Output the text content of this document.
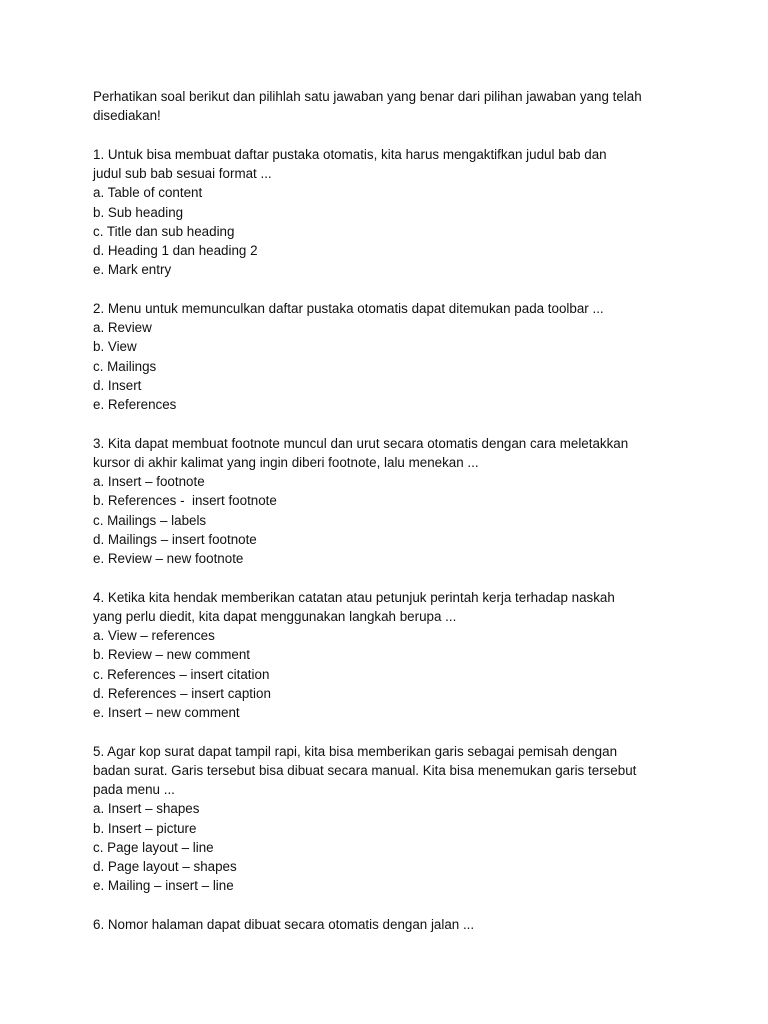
Perhatikan soal berikut dan pilihlah satu jawaban yang benar dari pilihan jawaban yang telah
disediakan!
1. Untuk bisa membuat daftar pustaka otomatis, kita harus mengaktifkan judul bab dan
judul sub bab sesuai format ...
a. Table of content
b. Sub heading
c. Title dan sub heading
d. Heading 1 dan heading 2
e. Mark entry
2. Menu untuk memunculkan daftar pustaka otomatis dapat ditemukan pada toolbar ...
a. Review
b. View
c. Mailings
d. Insert
e. References
3. Kita dapat membuat footnote muncul dan urut secara otomatis dengan cara meletakkan
kursor di akhir kalimat yang ingin diberi footnote, lalu menekan ...
a. Insert – footnote
b. References -  insert footnote
c. Mailings – labels
d. Mailings – insert footnote
e. Review – new footnote
4. Ketika kita hendak memberikan catatan atau petunjuk perintah kerja terhadap naskah
yang perlu diedit, kita dapat menggunakan langkah berupa ...
a. View – references
b. Review – new comment
c. References – insert citation
d. References – insert caption
e. Insert – new comment
5. Agar kop surat dapat tampil rapi, kita bisa memberikan garis sebagai pemisah dengan
badan surat. Garis tersebut bisa dibuat secara manual. Kita bisa menemukan garis tersebut
pada menu ...
a. Insert – shapes
b. Insert – picture
c. Page layout – line
d. Page layout – shapes
e. Mailing – insert – line
6. Nomor halaman dapat dibuat secara otomatis dengan jalan ...
